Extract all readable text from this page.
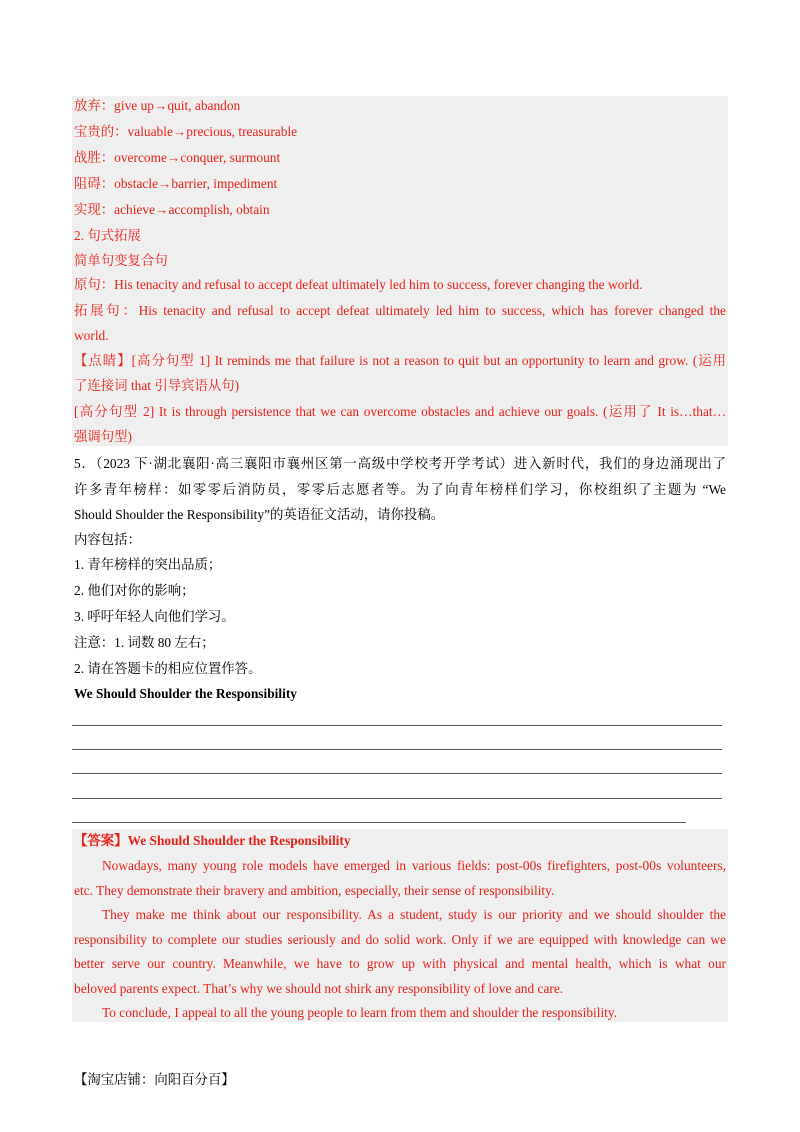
放弃：give up→quit, abandon
宝贵的：valuable→precious, treasurable
战胜：overcome→conquer, surmount
阻碍：obstacle→barrier, impediment
实现：achieve→accomplish, obtain
2. 句式拓展
简单句变复合句
原句：His tenacity and refusal to accept defeat ultimately led him to success, forever changing the world.
拓展句：His tenacity and refusal to accept defeat ultimately led him to success, which has forever changed the
world.
【点睛】[高分句型 1] It reminds me that failure is not a reason to quit but an opportunity to learn and grow. (运用
了连接词 that 引导宾语从句)
[高分句型 2] It is through persistence that we can overcome obstacles and achieve our goals. (运用了 It is…that…
强调句型)
5．（2023 下·湖北襄阳·高三襄阳市襄州区第一高级中学校考开学考试）进入新时代，我们的身边涌现出了
许多青年榜样：如零零后消防员，零零后志愿者等。为了向青年榜样们学习，你校组织了主题为 “We
Should Shoulder the Responsibility”的英语征文活动，请你投稿。
内容包括：
1. 青年榜样的突出品质；
2. 他们对你的影响；
3. 呼吁年轻人向他们学习。
注意：1. 词数 80 左右；
2. 请在答题卡的相应位置作答。
We Should Shoulder the Responsibility
【答案】We Should Shoulder the Responsibility
Nowadays, many young role models have emerged in various fields: post-00s firefighters, post-00s volunteers,
etc. They demonstrate their bravery and ambition, especially, their sense of responsibility.
They make me think about our responsibility. As a student, study is our priority and we should shoulder the
responsibility to complete our studies seriously and do solid work. Only if we are equipped with knowledge can we
better serve our country. Meanwhile, we have to grow up with physical and mental health, which is what our
beloved parents expect. That’s why we should not shirk any responsibility of love and care.
To conclude, I appeal to all the young people to learn from them and shoulder the responsibility.
【淘宝店铺：向阳百分百】
